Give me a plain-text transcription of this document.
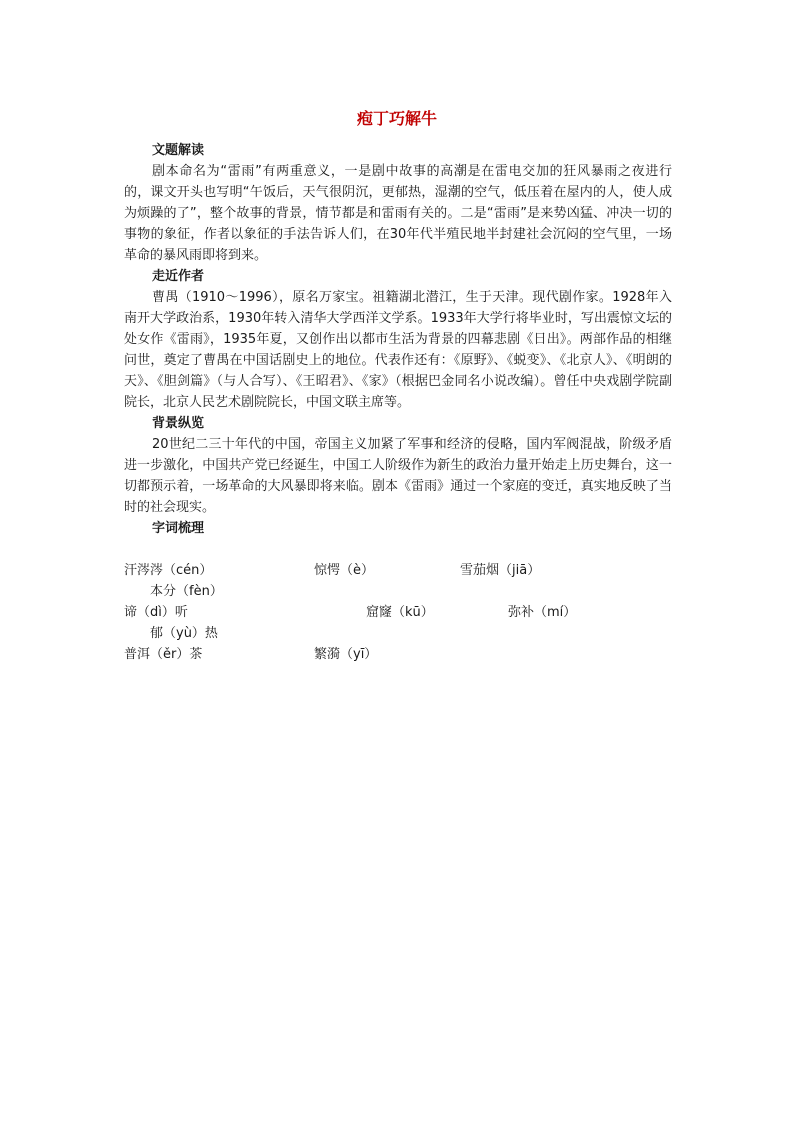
疱丁巧解牛

文题解读

剧本命名为“雷雨”有两重意义，一是剧中故事的高潮是在雷电交加的狂风暴雨之夜进行的，课文开头也写明“午饭后，天气很阴沉，更郁热，湿潮的空气，低压着在屋内的人，使人成为烦躁的了”，整个故事的背景，情节都是和雷雨有关的。二是“雷雨”是来势凶猛、冲决一切的事物的象征，作者以象征的手法告诉人们，在30年代半殖民地半封建社会沉闷的空气里，一场革命的暴风雨即将到来。

走近作者

曹禺（1910～1996），原名万家宝。祖籍湖北潜江，生于天津。现代剧作家。1928年入南开大学政治系，1930年转入清华大学西洋文学系。1933年大学行将毕业时，写出震惊文坛的处女作《雷雨》，1935年夏，又创作出以都市生活为背景的四幕悲剧《日出》。两部作品的相继问世，奠定了曹禺在中国话剧史上的地位。代表作还有：《原野》、《蜕变》、《北京人》、《明朗的天》、《胆剑篇》（与人合写）、《王昭君》、《家》（根据巴金同名小说改编）。曾任中央戏剧学院副院长，北京人民艺术剧院院长，中国文联主席等。

背景纵览

20世纪二三十年代的中国，帝国主义加紧了军事和经济的侵略，国内军阀混战，阶级矛盾进一步激化，中国共产党已经诞生，中国工人阶级作为新生的政治力量开始走上历史舞台，这一切都预示着，一场革命的大风暴即将来临。剧本《雷雨》通过一个家庭的变迁，真实地反映了当时的社会现实。

字词梳理

汗涔涔（cén）	惊愕（è）	雪茄烟（jiā）
本分（fèn）
谛（dì）听	窟窿（kū）	弥补（mí）
郁（yù）热
普洱（ěr）茶	繁漪（yī）
